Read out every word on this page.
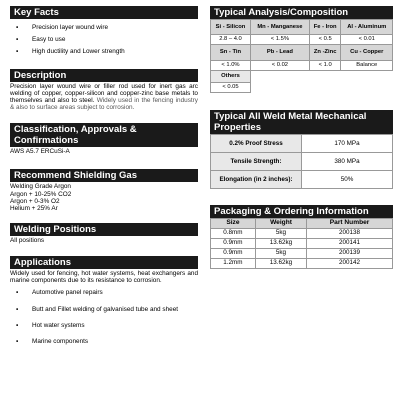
Key Facts
▪ Precision layer wound wire
▪ Easy to use
▪ High ductility and Lower strength
Description

Precision layer wound wire or filler rod used for inert gas arc welding of copper, copper-silicon and copper-zinc base metals to themselves and also to steel. Widely used in the fencing industry & also to surface areas subject to corrosion.

Classification, Approvals & Confirmations

AWS A5.7 ERCuSi-A

Recommend Shielding Gas
Welding Grade Argon
Argon + 10-25% CO2
Argon + 0-3% O2
Helium + 25% Ar
Welding Positions

All positions

Applications

Widely used for fencing, hot water systems, heat exchangers and marine components due to its resistance to corrosion.

▪ Automotive panel repairs
▪ Butt and Fillet welding of galvanised tube and sheet
▪ Hot water systems
▪ Marine components
Typical Analysis/Composition
Si - Silicon	Mn - Manganese	Fe - Iron	Al - Aluminum
2.8 – 4.0	< 1.5%	< 0.5	< 0.01
Sn - Tin	Pb - Lead	Zn -Zinc	Cu - Copper
< 1.0%	< 0.02	< 1.0	Balance
Others			
< 0.05			
Typical All Weld Metal Mechanical Properties
0.2% Proof Stress	170 MPa
Tensile Strength:	380 MPa
Elongation (in 2 inches):	50%
Packaging & Ordering Information
Size	Weight	Part Number
0.8mm	5kg	200138
0.9mm	13.62kg	200141
0.9mm	5kg	200139
1.2mm	13.62kg	200142
